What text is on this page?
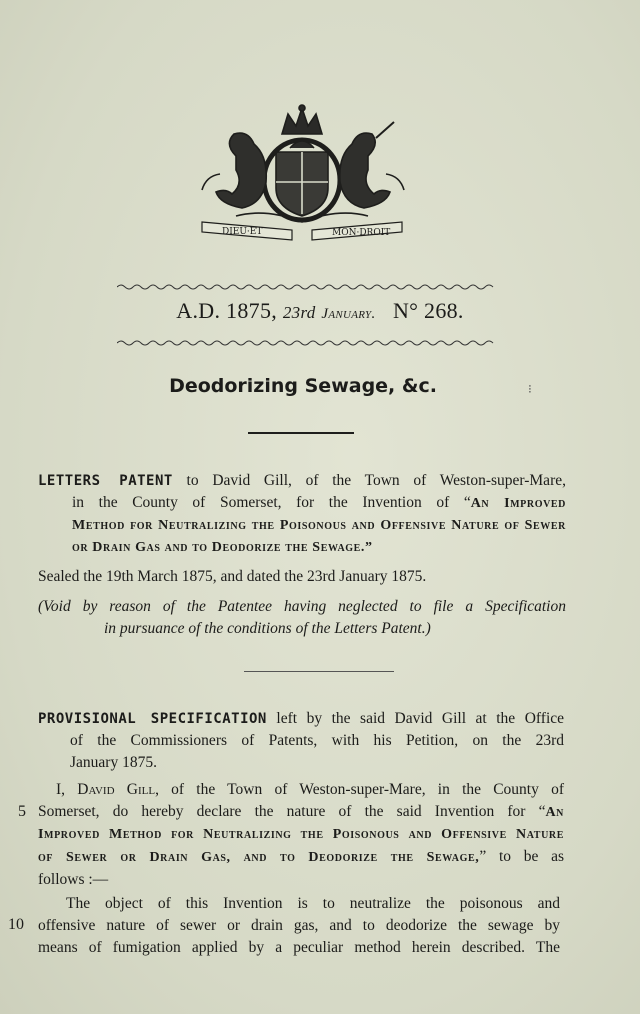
DIEU·ET	MON·DROIT
A.D. 1875, 23rd January. N° 268.
Deodorizing Sewage, &c.	⁝
LETTERS PATENT to David Gill, of the Town of Weston-super-Mare,
in the County of Somerset, for the Invention of “An Improved
Method for Neutralizing the Poisonous and Offensive Nature of Sewer
or Drain Gas and to Deodorize the Sewage.”
Sealed the 19th March 1875, and dated the 23rd January 1875.
(Void by reason of the Patentee having neglected to file a Specification
in pursuance of the conditions of the Letters Patent.)
PROVISIONAL SPECIFICATION left by the said David Gill at the Office
of the Commissioners of Patents, with his Petition, on the 23rd
January 1875.
I, David Gill, of the Town of Weston-super-Mare, in the County of
Somerset, do hereby declare the nature of the said Invention for “An
Improved Method for Neutralizing the Poisonous and Offensive Nature
of Sewer or Drain Gas, and to Deodorize the Sewage,” to be as
follows :—
5
The object of this Invention is to neutralize the poisonous and
offensive nature of sewer or drain gas, and to deodorize the sewage by
means of fumigation applied by a peculiar method herein described. The
10
